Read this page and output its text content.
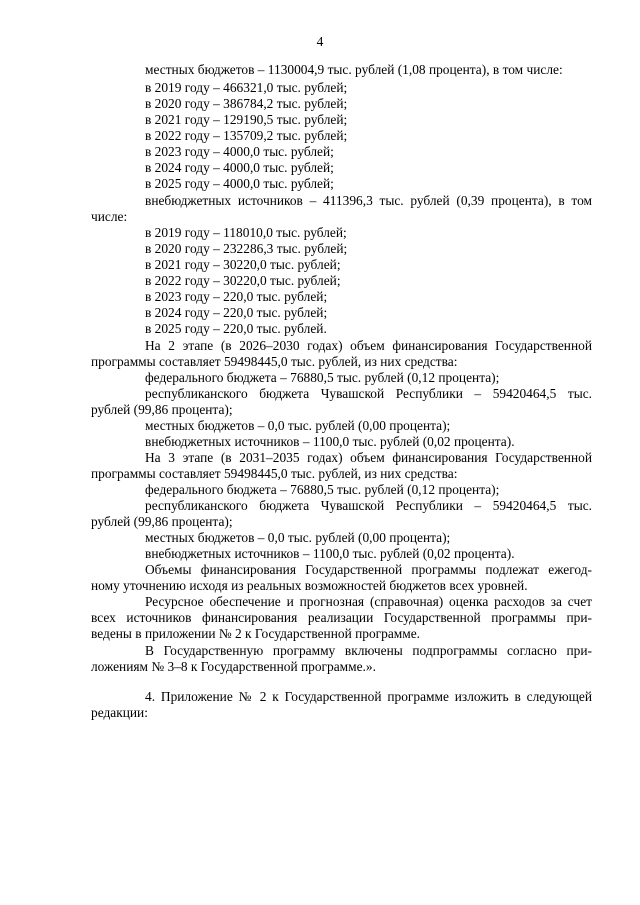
4
местных бюджетов – 1130004,9 тыс. рублей (1,08 процента), в том числе:
в 2019 году – 466321,0 тыс. рублей;
в 2020 году – 386784,2 тыс. рублей;
в 2021 году – 129190,5 тыс. рублей;
в 2022 году – 135709,2 тыс. рублей;
в 2023 году – 4000,0 тыс. рублей;
в 2024 году – 4000,0 тыс. рублей;
в 2025 году – 4000,0 тыс. рублей;
внебюджетных источников – 411396,3 тыс. рублей (0,39 процента), в том
числе:
в 2019 году – 118010,0 тыс. рублей;
в 2020 году – 232286,3 тыс. рублей;
в 2021 году – 30220,0 тыс. рублей;
в 2022 году – 30220,0 тыс. рублей;
в 2023 году – 220,0 тыс. рублей;
в 2024 году – 220,0 тыс. рублей;
в 2025 году – 220,0 тыс. рублей.
На 2 этапе (в 2026–2030 годах) объем финансирования Государственной
программы составляет 59498445,0 тыс. рублей, из них средства:
федерального бюджета – 76880,5 тыс. рублей (0,12 процента);
республиканского бюджета Чувашской Республики – 59420464,5 тыс.
рублей (99,86 процента);
местных бюджетов – 0,0 тыс. рублей (0,00 процента);
внебюджетных источников – 1100,0 тыс. рублей (0,02 процента).
На 3 этапе (в 2031–2035 годах) объем финансирования Государственной
программы составляет 59498445,0 тыс. рублей, из них средства:
федерального бюджета – 76880,5 тыс. рублей (0,12 процента);
республиканского бюджета Чувашской Республики – 59420464,5 тыс.
рублей (99,86 процента);
местных бюджетов – 0,0 тыс. рублей (0,00 процента);
внебюджетных источников – 1100,0 тыс. рублей (0,02 процента).
Объемы финансирования Государственной программы подлежат ежегод-
ному уточнению исходя из реальных возможностей бюджетов всех уровней.
Ресурсное обеспечение и прогнозная (справочная) оценка расходов за счет
всех источников финансирования реализации Государственной программы при-
ведены в приложении № 2 к Государственной программе.
В Государственную программу включены подпрограммы согласно при-
ложениям № 3–8 к Государственной программе.».
4. Приложение № 2 к Государственной программе изложить в следующей
редакции:
